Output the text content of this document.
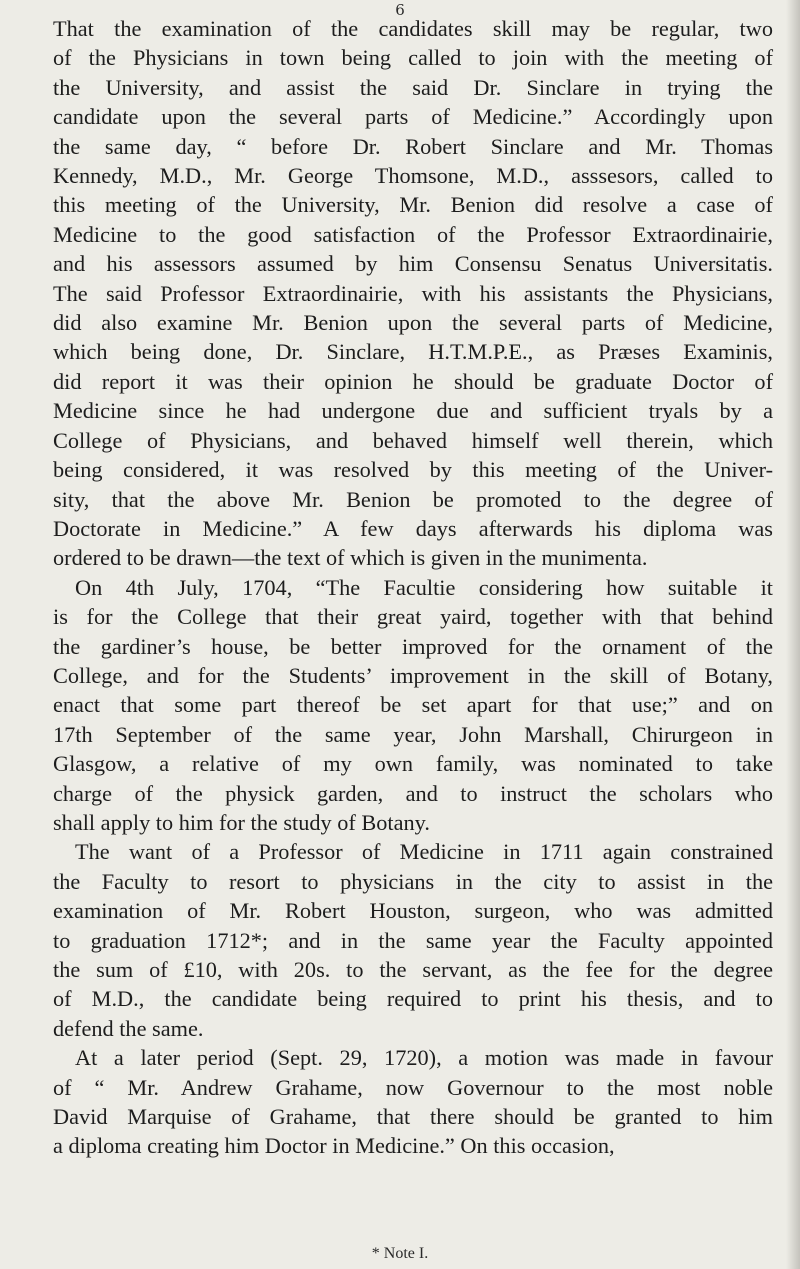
6

That the examination of the candidates skill may be regular, two
of the Physicians in town being called to join with the meeting of
the University, and assist the said Dr. Sinclare in trying the
candidate upon the several parts of Medicine.” Accordingly upon
the same day, “ before Dr. Robert Sinclare and Mr. Thomas
Kennedy, M.D., Mr. George Thomsone, M.D., asssesors, called to
this meeting of the University, Mr. Benion did resolve a case of
Medicine to the good satisfaction of the Professor Extraordinairie,
and his assessors assumed by him Consensu Senatus Universitatis.
The said Professor Extraordinairie, with his assistants the Physicians,
did also examine Mr. Benion upon the several parts of Medicine,
which being done, Dr. Sinclare, H.T.M.P.E., as Præses Examinis,
did report it was their opinion he should be graduate Doctor of
Medicine since he had undergone due and sufficient tryals by a
College of Physicians, and behaved himself well therein, which
being considered, it was resolved by this meeting of the Univer-
sity, that the above Mr. Benion be promoted to the degree of
Doctorate in Medicine.” A few days afterwards his diploma was
ordered to be drawn—the text of which is given in the munimenta.

On 4th July, 1704, “The Facultie considering how suitable it
is for the College that their great yaird, together with that behind
the gardiner’s house, be better improved for the ornament of the
College, and for the Students’ improvement in the skill of Botany,
enact that some part thereof be set apart for that use;” and on
17th September of the same year, John Marshall, Chirurgeon in
Glasgow, a relative of my own family, was nominated to take
charge of the physick garden, and to instruct the scholars who
shall apply to him for the study of Botany.

The want of a Professor of Medicine in 1711 again constrained
the Faculty to resort to physicians in the city to assist in the
examination of Mr. Robert Houston, surgeon, who was admitted
to graduation 1712*; and in the same year the Faculty appointed
the sum of £10, with 20s. to the servant, as the fee for the degree
of M.D., the candidate being required to print his thesis, and to
defend the same.

At a later period (Sept. 29, 1720), a motion was made in favour
of “ Mr. Andrew Grahame, now Governour to the most noble
David Marquise of Grahame, that there should be granted to him
a diploma creating him Doctor in Medicine.” On this occasion,

* Note I.
